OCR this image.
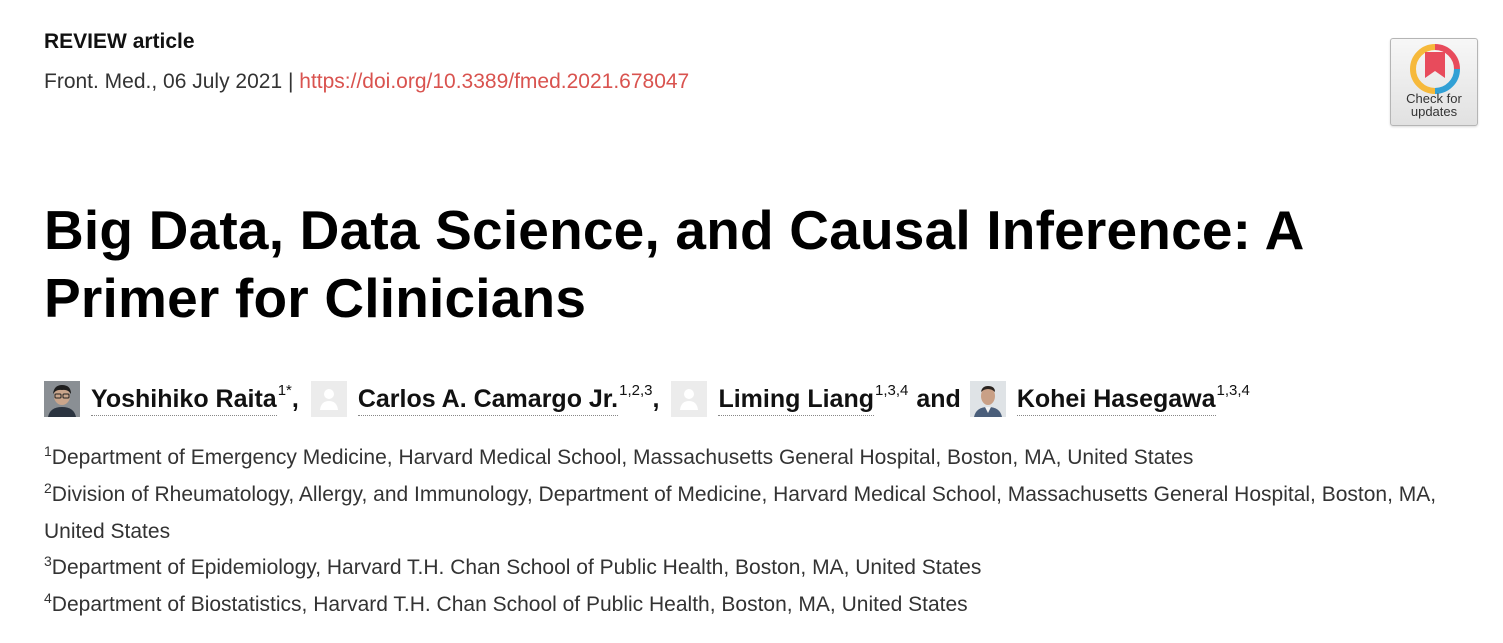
REVIEW article
Front. Med., 06 July 2021 | https://doi.org/10.3389/fmed.2021.678047
Check for
updates
Big Data, Data Science, and Causal Inference: A Primer for Clinicians
Yoshihiko Raita 1* , Carlos A. Camargo Jr. 1,2,3 , Liming Liang 1,3,4 and Kohei Hasegawa 1,3,4
$^1$Department of Emergency Medicine, Harvard Medical School, Massachusetts General Hospital, Boston, MA, United States
$^2$Division of Rheumatology, Allergy, and Immunology, Department of Medicine, Harvard Medical School, Massachusetts General Hospital, Boston, MA, United States
$^3$Department of Epidemiology, Harvard T.H. Chan School of Public Health, Boston, MA, United States
$^4$Department of Biostatistics, Harvard T.H. Chan School of Public Health, Boston, MA, United States
